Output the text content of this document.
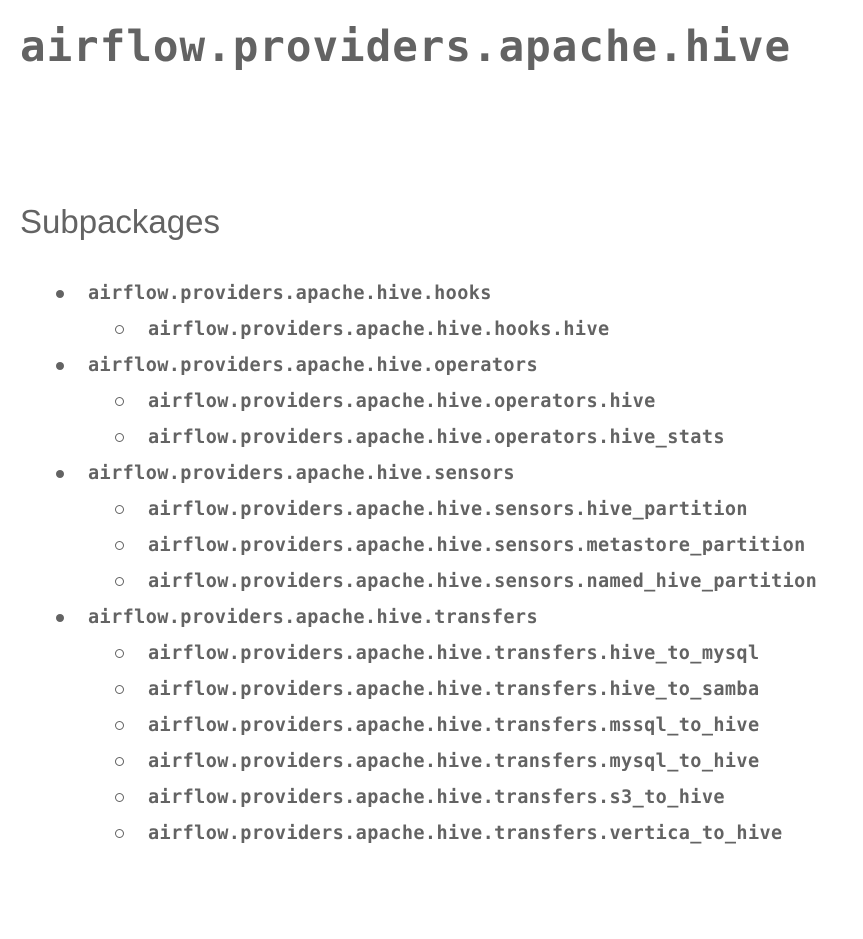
airflow.providers.apache.hive
Subpackages
airflow.providers.apache.hive.hooks
airflow.providers.apache.hive.hooks.hive
airflow.providers.apache.hive.operators
airflow.providers.apache.hive.operators.hive
airflow.providers.apache.hive.operators.hive_stats
airflow.providers.apache.hive.sensors
airflow.providers.apache.hive.sensors.hive_partition
airflow.providers.apache.hive.sensors.metastore_partition
airflow.providers.apache.hive.sensors.named_hive_partition
airflow.providers.apache.hive.transfers
airflow.providers.apache.hive.transfers.hive_to_mysql
airflow.providers.apache.hive.transfers.hive_to_samba
airflow.providers.apache.hive.transfers.mssql_to_hive
airflow.providers.apache.hive.transfers.mysql_to_hive
airflow.providers.apache.hive.transfers.s3_to_hive
airflow.providers.apache.hive.transfers.vertica_to_hive
